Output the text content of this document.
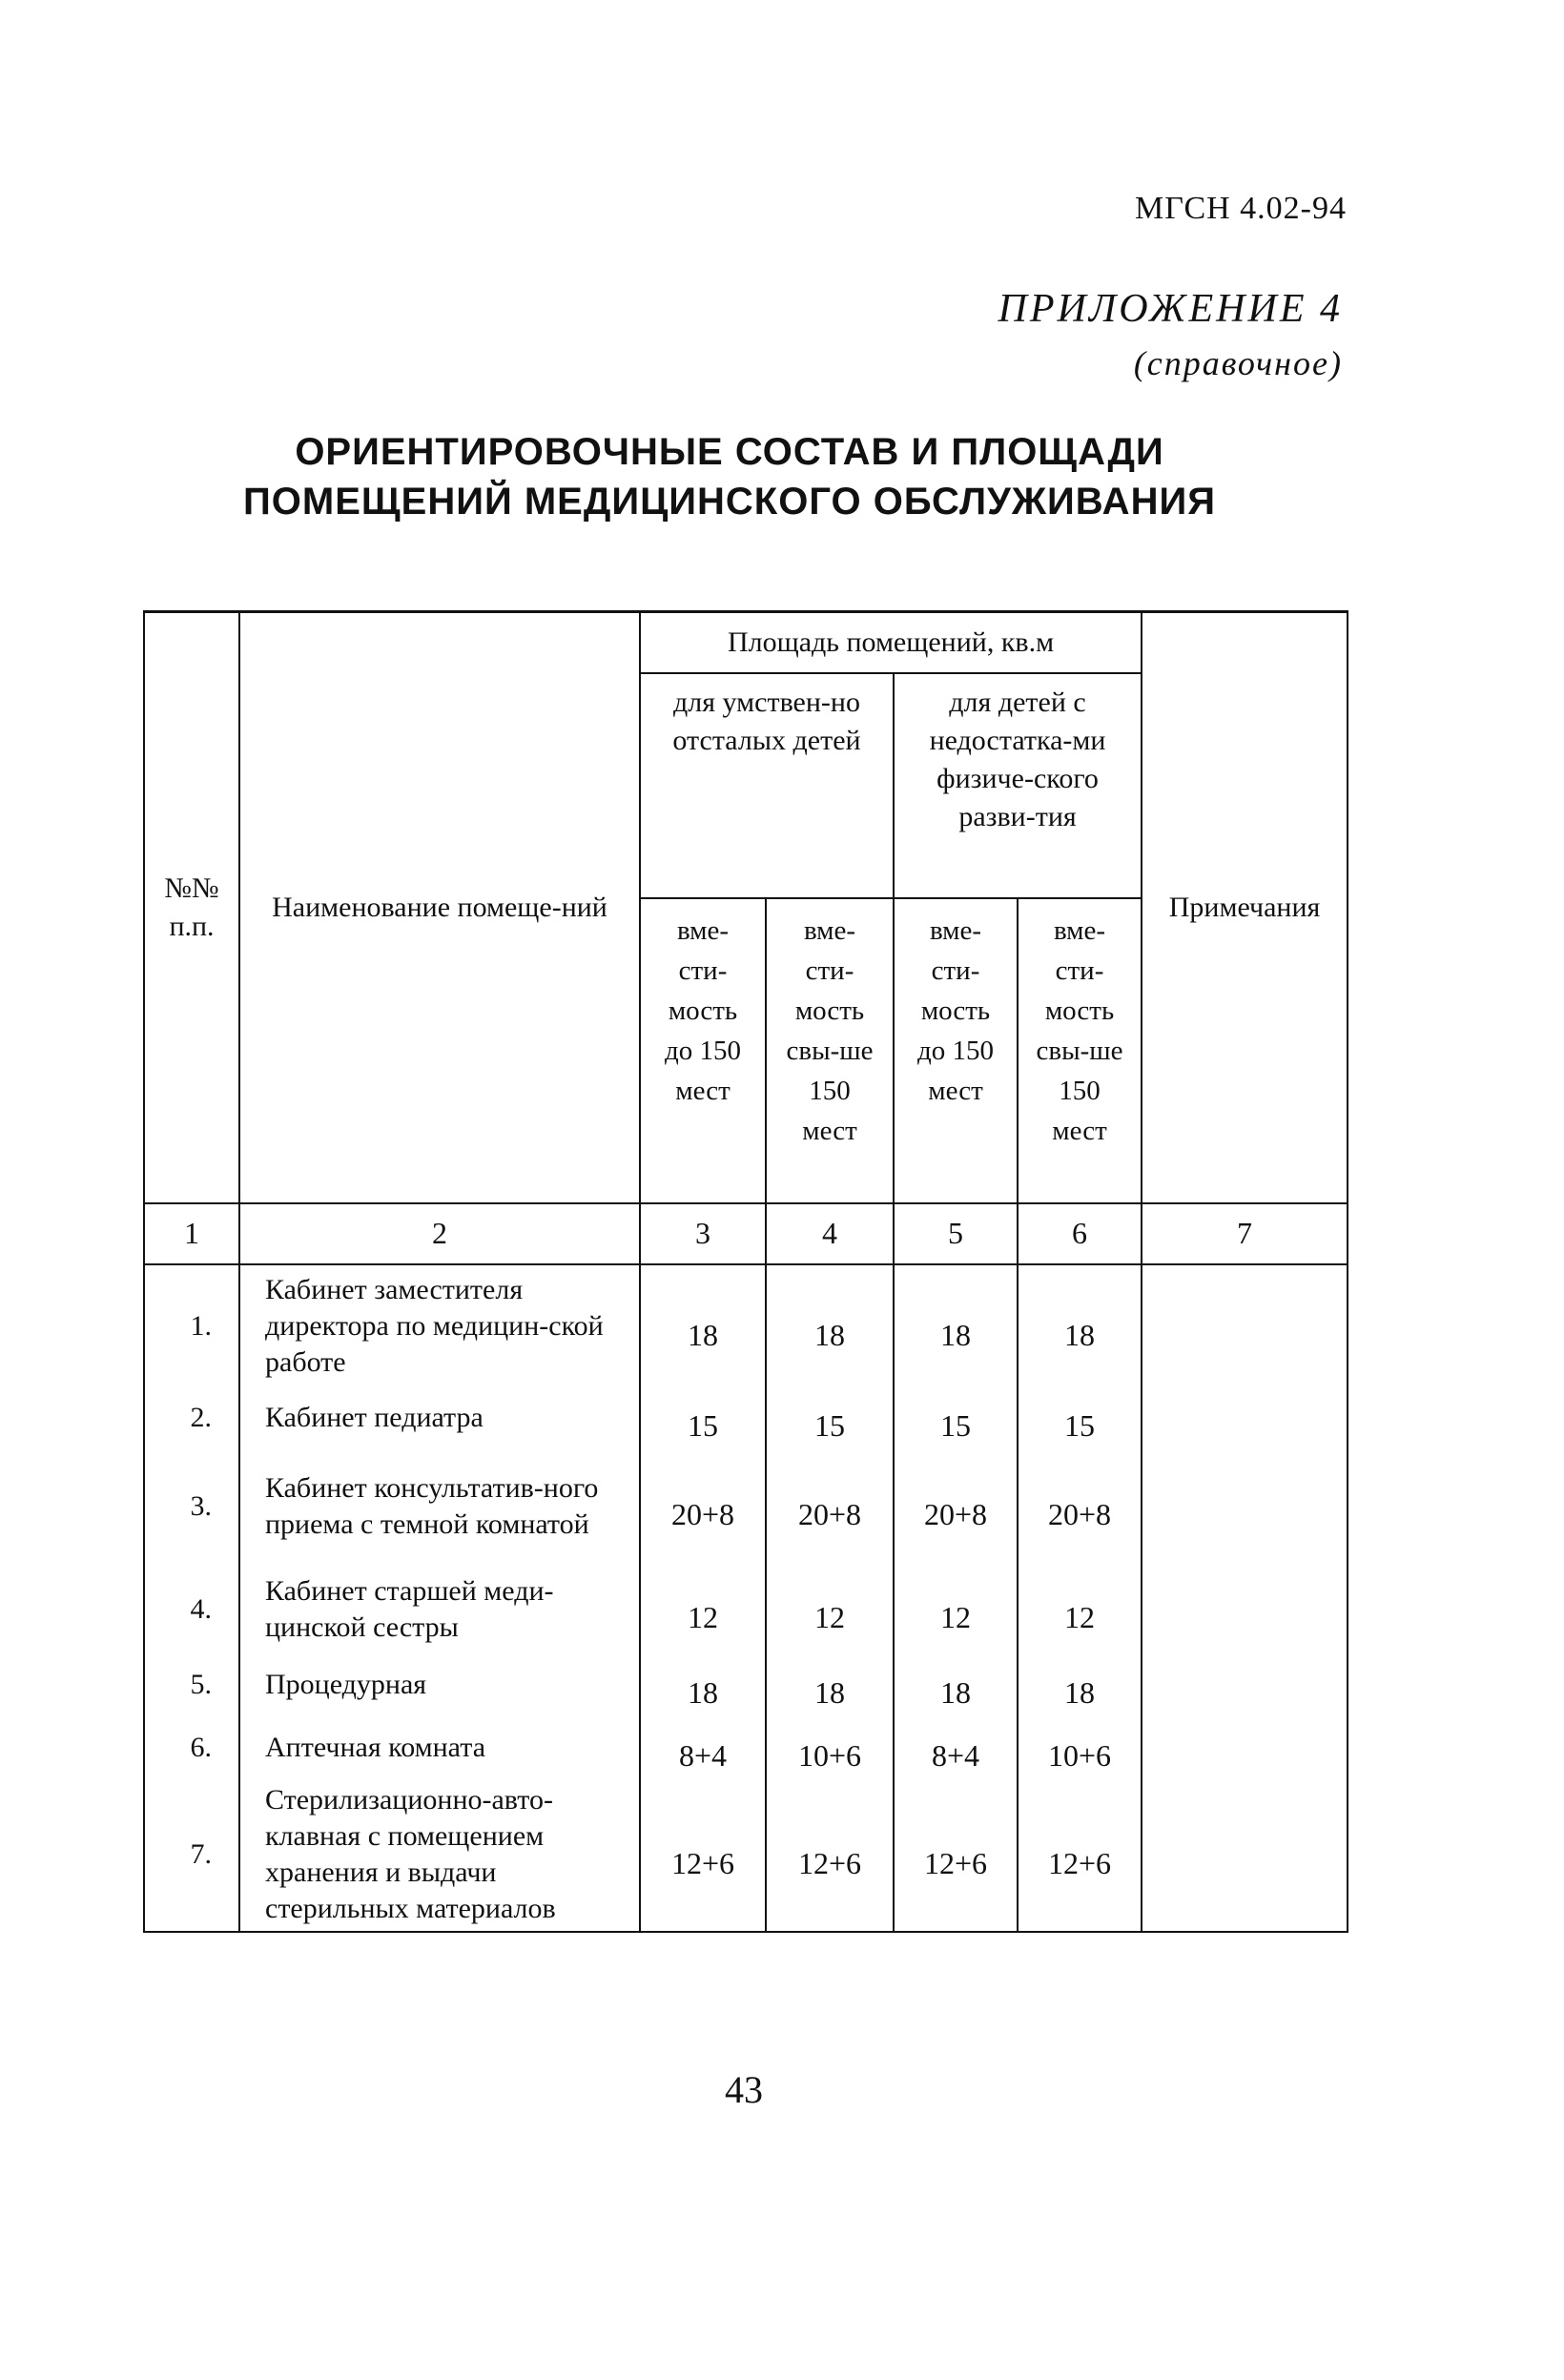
МГСН 4.02-94
ПРИЛОЖЕНИЕ 4
(справочное)
ОРИЕНТИРОВОЧНЫЕ СОСТАВ И ПЛОЩАДИ
ПОМЕЩЕНИЙ МЕДИЦИНСКОГО ОБСЛУЖИВАНИЯ
№№ п.п.	Наименование помеще-ний	Площадь помещений, кв.м				Примечания
		для умствен-но отсталых детей		для детей с недостатка-ми физиче-ского разви-тия		
		вме-сти-мость до 150 мест	вме-сти-мость свы-ше 150 мест	вме-сти-мость до 150 мест	вме-сти-мость свы-ше 150 мест	
1	2	3	4	5	6	7
1.	Кабинет заместителя директора по медицин-ской работе	18	18	18	18	
2.	Кабинет педиатра	15	15	15	15	
3.	Кабинет консультатив-ного приема с темной комнатой	20+8	20+8	20+8	20+8	
4.	Кабинет старшей меди-цинской сестры	12	12	12	12	
5.	Процедурная	18	18	18	18	
6.	Аптечная комната	8+4	10+6	8+4	10+6	
7.	Стерилизационно-авто-клавная с помещением хранения и выдачи стерильных материалов	12+6	12+6	12+6	12+6	
43
